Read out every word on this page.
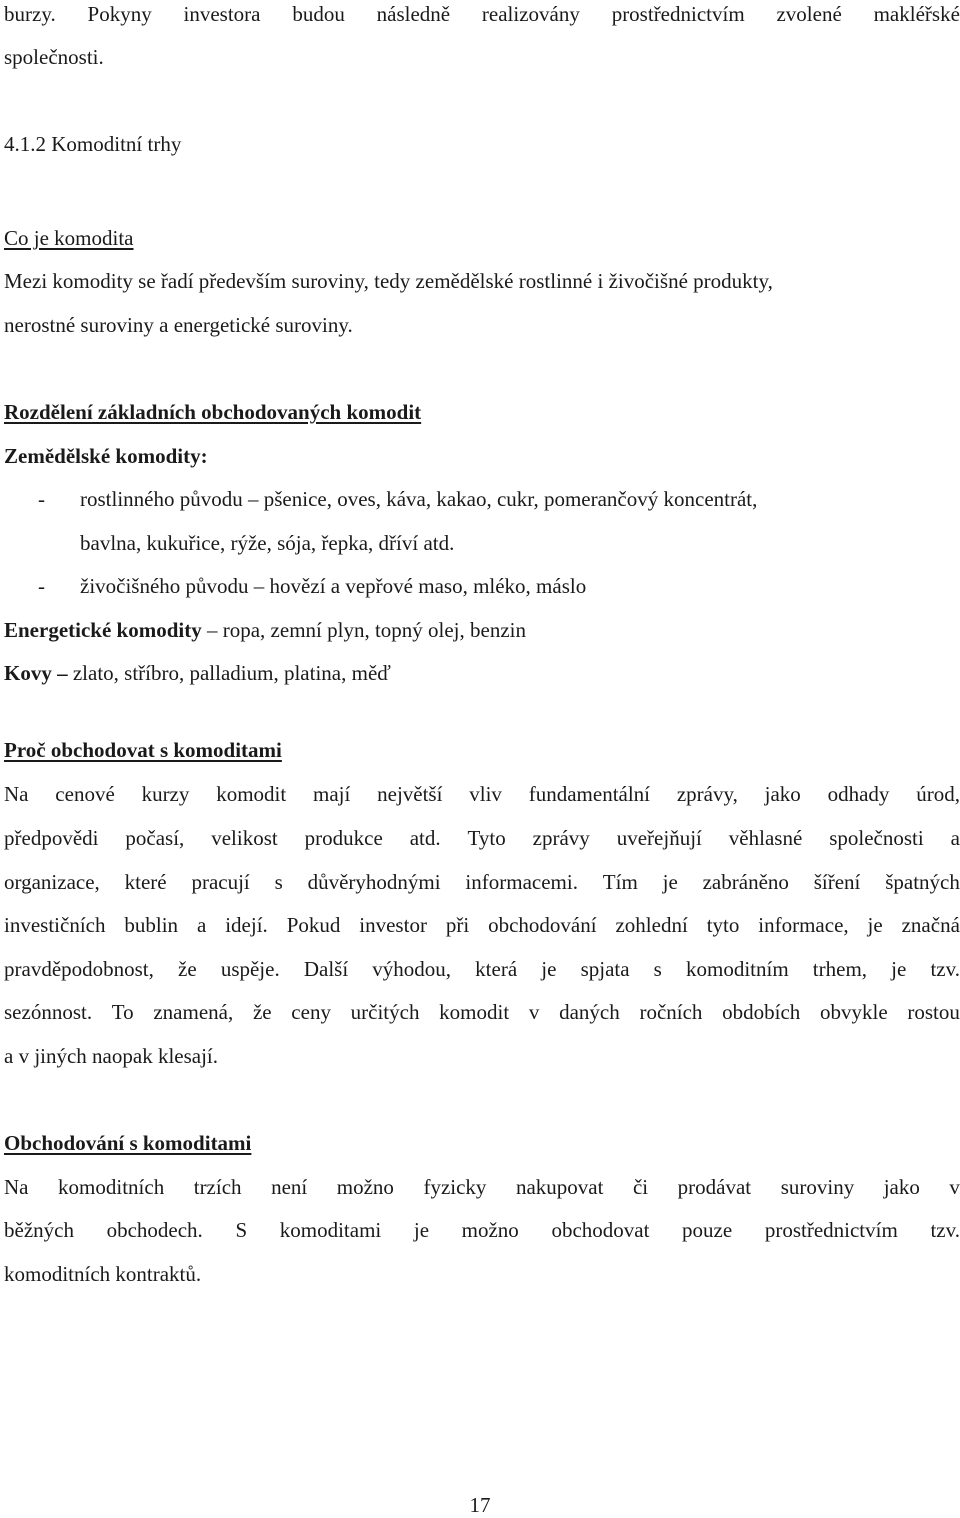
burzy. Pokyny investora budou následně realizovány prostřednictvím zvolené makléřské
společnosti.
4.1.2 Komoditní trhy
Co je komodita
Mezi komodity se řadí především suroviny, tedy zemědělské rostlinné i živočišné produkty,
nerostné suroviny a energetické suroviny.
Rozdělení základních obchodovaných komodit
Zemědělské komodity:
- rostlinného původu – pšenice, oves, káva, kakao, cukr, pomerančový koncentrát,
bavlna, kukuřice, rýže, sója, řepka, dříví atd.
- živočišného původu – hovězí a vepřové maso, mléko, máslo
Energetické komodity – ropa, zemní plyn, topný olej, benzin
Kovy – zlato, stříbro, palladium, platina, měď
Proč obchodovat s komoditami
Na cenové kurzy komodit mají největší vliv fundamentální zprávy, jako odhady úrod,
předpovědi počasí, velikost produkce atd. Tyto zprávy uveřejňují věhlasné společnosti a
organizace, které pracují s důvěryhodnými informacemi. Tím je zabráněno šíření špatných
investičních bublin a idejí. Pokud investor při obchodování zohlední tyto informace, je značná
pravděpodobnost, že uspěje. Další výhodou, která je spjata s komoditním trhem, je tzv.
sezónnost. To znamená, že ceny určitých komodit v daných ročních obdobích obvykle rostou
a v jiných naopak klesají.
Obchodování s komoditami
Na komoditních trzích není možno fyzicky nakupovat či prodávat suroviny jako v
běžných obchodech. S komoditami je možno obchodovat pouze prostřednictvím tzv.
komoditních kontraktů.
17
